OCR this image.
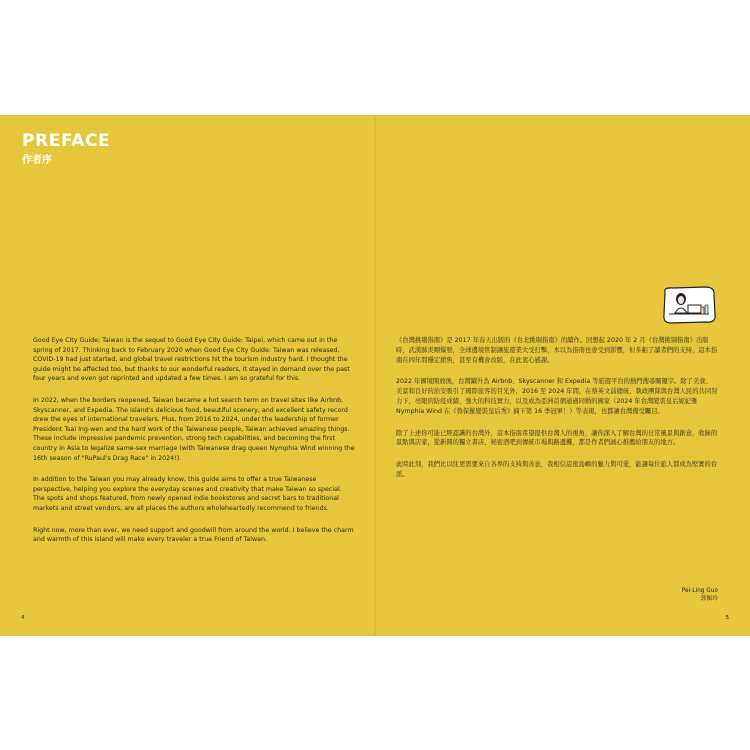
PREFACE
作者序

Good Eye City Guide: Taiwan is the sequel to Good Eye City Guide: Taipei, which came out in the spring of 2017. Thinking back to February 2020 when Good Eye City Guide: Taiwan was released, COVID-19 had just started, and global travel restrictions hit the tourism industry hard. I thought the guide might be affected too, but thanks to our wonderful readers, it stayed in demand over the past four years and even got reprinted and updated a few times. I am so grateful for this.

In 2022, when the borders reopened, Taiwan became a hot search term on travel sites like Airbnb, Skyscanner, and Expedia. The island's delicious food, beautiful scenery, and excellent safety record drew the eyes of international travelers. Plus, from 2016 to 2024, under the leadership of former President Tsai Ing-wen and the hard work of the Taiwanese people, Taiwan achieved amazing things. These include impressive pandemic prevention, strong tech capabilities, and becoming the first country in Asia to legalize same-sex marriage (with Taiwanese drag queen Nymphia Wind winning the 16th season of "RuPaul's Drag Race" in 2024!).

In addition to the Taiwan you may already know, this guide aims to offer a true Taiwanese perspective, helping you explore the everyday scenes and creativity that make Taiwan so special. The spots and shops featured, from newly opened indie bookstores and secret bars to traditional markets and street vendors, are all places the authors wholeheartedly recommend to friends.

Right now, more than ever, we need support and goodwill from around the world. I believe the charm and warmth of this island will make every traveler a true Friend of Taiwan.

《台灣挑剔指南》是 2017 年春天出版的《台北挑剔指南》的續作。回想起 2020 年 2 月《台灣挑剔指南》出版時，武漢肺炎剛爆發，全球邊境管制讓旅遊業大受打擊，本以為指南也會受到影響，但多虧了讀者們的支持，這本指南在四年間穩定銷售，甚至有機會改版，在此衷心感謝。

2022 年國境開放後，台灣躍升為 Airbnb、Skyscanner 和 Expedia 等旅遊平台的熱門搜尋關鍵字。除了美食、美景和良好的治安吸引了國際旅客的目光外，2016 至 2024 年間，在蔡英文前總統、執政團隊與台灣人民的共同努力下，亮眼的防疫成績、強大的科技實力，以及成為亞洲首個通過同婚的國家（2024 年台灣變裝皇后妮妃雅 Nymphia Wind 在《魯保羅變裝皇后秀》摘下第 16 季冠軍！）等表現，也都讓台灣備受矚目。

除了上述你可能已經認識的台灣外，這本指南希望提供台灣人的視角，讓你深入了解台灣的日常風景與創意，收錄的景點與店家，從新開的獨立書店、秘密酒吧到傳統市場與路邊攤，都是作者們誠心推薦給朋友的地方。

此時此刻，我們比以往更需要來自各界的支持與善意，我相信這座島嶼的魅力與可愛，能讓每位旅人都成為堅實的台派。

Pei-Ling Guo
郭佩玲
4	5
